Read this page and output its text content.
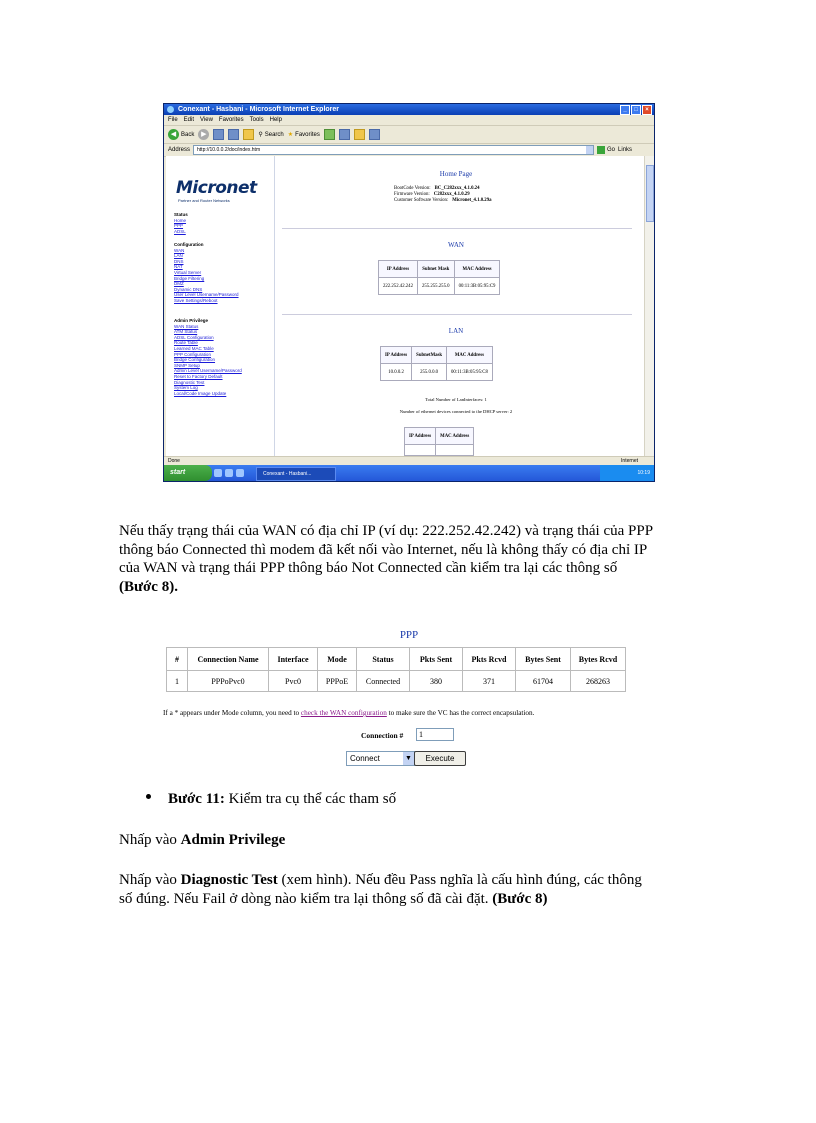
Conexant - Hasbani - Microsoft Internet Explorer	_	□	×
File Edit View Favorites Tools Help
◀ Back ▶	⚲ Search ★ Favorites
Address	http://10.0.0.2/doc/index.htm	Go Links
Micronet
Partner and Router Networks
Status
Home
PPP
ADSL
Configuration
WAN
LAN
DNS
NAT
Virtual Server
Bridge Filtering
DMZ
Dynamic DNS
User Level Username/Password
Save Settings/Reboot
Admin Privilege
WAN Status
ATM Status
ADSL Configuration
Route Table
Learned MAC Table
PPP Configuration
Bridge Configuration
SNMP Setup
Admin Level Username/Password
Reset to Factory Default
Diagnostic Test
System Log
Local/Code Image Update
Home Page
BootCode Version: BC_C282xxx_4.1.0.24
Firmware Version: C282xxx_4.1.0.29
Customer Software Version: Micronet_4.1.0.29a
WAN
IP Address	Subnet Mask	MAC Address
222.252.42.242	255.255.255.0	00:11:3B:05:95:C9
LAN
IP Address	SubnetMask	MAC Address
10.0.0.2	255.0.0.0	00:11:3B:05:95:C8
Total Number of LanInterfaces: 1
Number of ethernet devices connected to the DHCP server: 2
IP Address	MAC Address

Done	Internet
start	Conexant - Hasbani...	10:19
Nếu thấy trạng thái của WAN có địa chỉ IP (ví dụ: 222.252.42.242) và trạng thái của PPP
thông báo Connected thì modem đã kết nối vào Internet, nếu là không thấy có địa chỉ IP
của WAN và trạng thái PPP thông báo Not Connected cần kiểm tra lại các thông số
(Bước 8).
PPP
#	Connection Name	Interface	Mode	Status	Pkts Sent	Pkts Rcvd	Bytes Sent	Bytes Rcvd
1	PPPoPvc0	Pvc0	PPPoE	Connected	380	371	61704	268263
If a * appears under Mode column, you need to check the WAN configuration to make sure the VC has the correct encapsulation.
Connection #	1
Connect	▼	Execute
Bước 11: Kiểm tra cụ thể các tham số
Nhấp vào Admin Privilege
Nhấp vào Diagnostic Test (xem hình). Nếu đều Pass nghĩa là cấu hình đúng, các thông
số đúng. Nếu Fail ở dòng nào kiểm tra lại thông số đã cài đặt. (Bước 8)
